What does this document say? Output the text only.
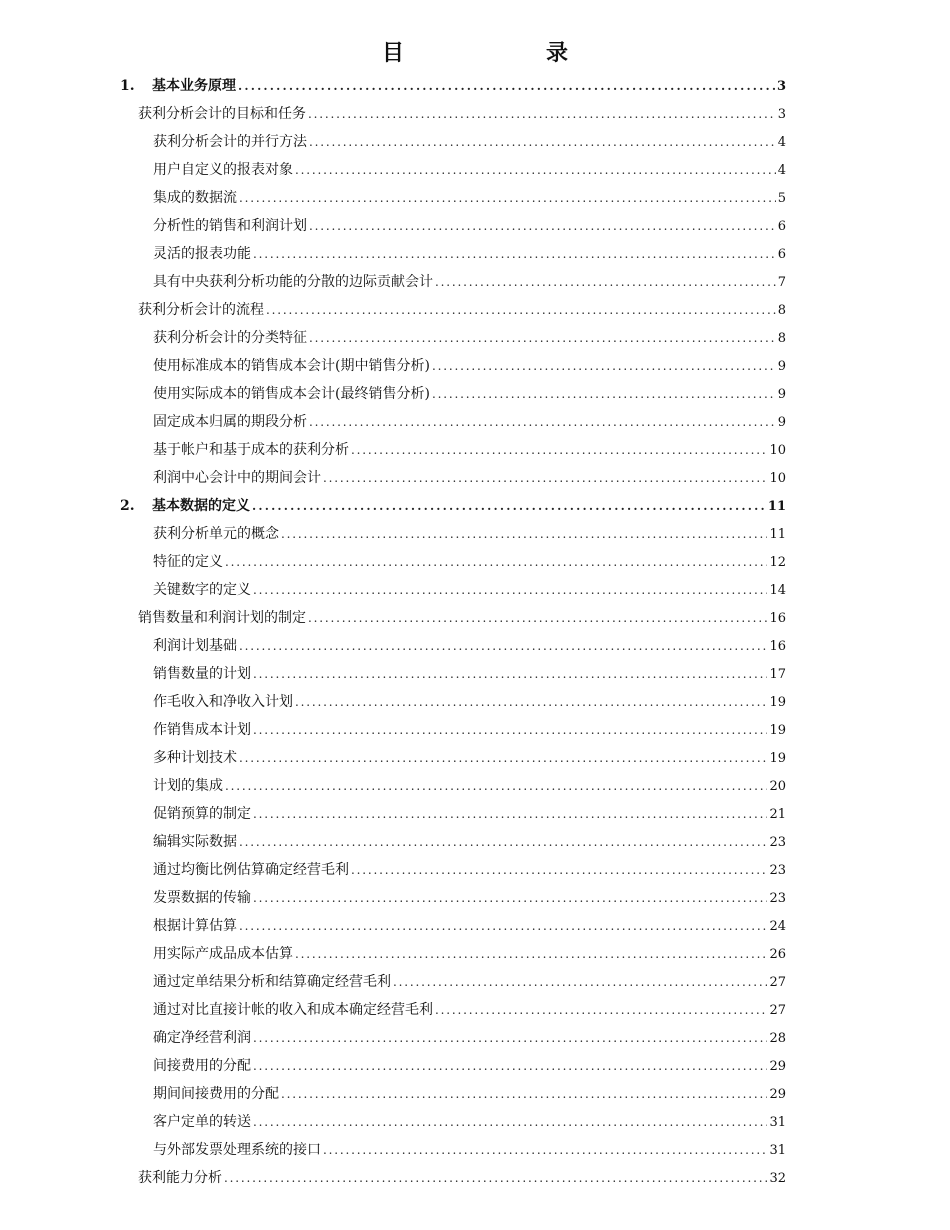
目　录
1.	基本业务原理 . . .	3
获利分析会计的目标和任务 . . .	3
获利分析会计的并行方法 . . .	4
用户自定义的报表对象 . . .	4
集成的数据流 . . .	5
分析性的销售和利润计划 . . .	6
灵活的报表功能 . . .	6
具有中央获利分析功能的分散的边际贡献会计 . . .	7
获利分析会计的流程 . . .	8
获利分析会计的分类特征 . . .	8
使用标准成本的销售成本会计(期中销售分析) . . .	9
使用实际成本的销售成本会计(最终销售分析) . . .	9
固定成本归属的期段分析 . . .	9
基于帐户和基于成本的获利分析 . . .	10
利润中心会计中的期间会计 . . .	10
2.	基本数据的定义 . . .	11
获利分析单元的概念 . . .	11
特征的定义 . . .	12
关键数字的定义 . . .	14
销售数量和利润计划的制定 . . .	16
利润计划基础 . . .	16
销售数量的计划 . . .	17
作毛收入和净收入计划 . . .	19
作销售成本计划 . . .	19
多种计划技术 . . .	19
计划的集成 . . .	20
促销预算的制定 . . .	21
编辑实际数据 . . .	23
通过均衡比例估算确定经营毛利 . . .	23
发票数据的传输 . . .	23
根据计算估算 . . .	24
用实际产成品成本估算 . . .	26
通过定单结果分析和结算确定经营毛利 . . .	27
通过对比直接计帐的收入和成本确定经营毛利 . . .	27
确定净经营利润 . . .	28
间接费用的分配 . . .	29
期间间接费用的分配 . . .	29
客户定单的转送 . . .	31
与外部发票处理系统的接口 . . .	31
获利能力分析 . . .	32
